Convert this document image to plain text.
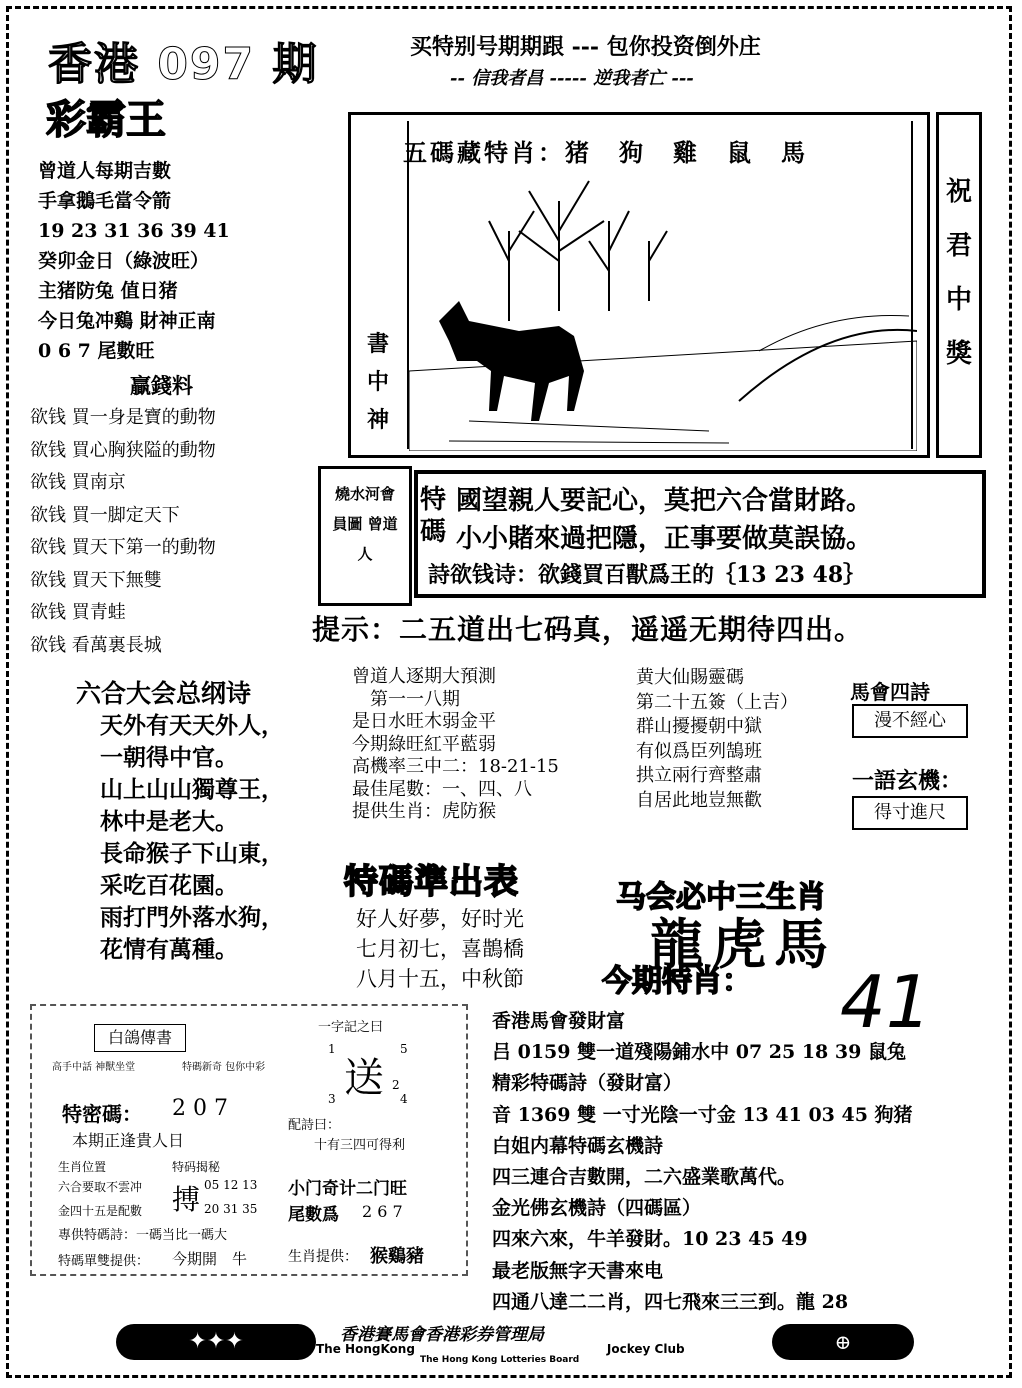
香港 097 期
彩霸王
买特别号期期跟 --- 包你投资倒外庄
-- 信我者昌 ----- 逆我者亡 ---
曾道人每期吉數
手拿鵝毛當令箭
19 23 31 36 39 41
癸卯金日（綠波旺）
主猪防兔 值日猪
今日兔冲鷄 財神正南
0 6 7 尾數旺
贏錢料
欲钱 買一身是寶的動物
欲钱 買心胸狭隘的動物
欲钱 買南京
欲钱 買一脚定天下
欲钱 買天下第一的動物
欲钱 買天下無雙
欲钱 買青蛙
欲钱 看萬裏長城
五碼藏特肖：猪　狗　雞　鼠　馬
書中神
祝君中獎
燒水河會員圖 曾道人
國望親人要記心，莫把六合當財路。
小小賭來過把隱，正事要做莫誤協。
詩欲钱诗：欲錢買百獸爲王的｛13 23 48｝
特碼
提示：二五道出七码真，遥遥无期待四出。
六合大会总纲诗
天外有天天外人，
一朝得中官。
山上山山獨尊王，
林中是老大。
長命猴子下山東，
采吃百花園。
雨打門外落水狗，
花情有萬種。
曾道人逐期大預測
　第一一八期
是日水旺木弱金平
今期綠旺紅平藍弱
高機率三中二：18-21-15
最佳尾數：一、四、八
提供生肖：虎防猴
黄大仙賜靈碼
第二十五簽（上吉）
群山擾擾朝中獄
有似爲臣列鵠班
拱立兩行齊整肅
自居此地豈無歡
馬會四詩
漫不經心
一語玄機：
得寸進尺
特碼準出表
好人好夢，好时光
七月初七，喜鵲橋
八月十五，中秋節
马会必中三生肖
龍虎馬
今期特肖： 41
白鴿傳書
高手中話 神獸坐堂	特碼新奇 包你中彩
一字記之曰
1
3
5
4
2
送
配詩曰：
十有三四可得利
特密碼： 2 0 7
本期正逢貴人日
生肖位置
六合要取不雲冲
金四十五是配數
特码揭秘
搏 05 12 13
20 31 35
專供特碼詩：一碼当比一碼大
特碼單雙提供： 今期開　牛
小门奇计二门旺
尾數爲 2 6 7
生肖提供： 猴鷄豬
香港馬會發財富
吕 0159 雙一道殘陽鋪水中 07 25 18 39 鼠兔
精彩特碼詩（發財富）
音 1369 雙 一寸光陰一寸金 13 41 03 45 狗猪
白姐内幕特碼玄機詩
四三連合吉數開，二六盛業歌萬代。
金光佛玄機詩（四碼區）
四來六來，牛羊發財。10 23 45 49
最老版無字天書來电
四通八達二二肖，四七飛來三三到。龍 28
✦✦✦	⊕
香港賽馬會香港彩券管理局
The HongKong　　　　　　　　　　　　　　　　Jockey Club
The Hong Kong Lotteries Board
